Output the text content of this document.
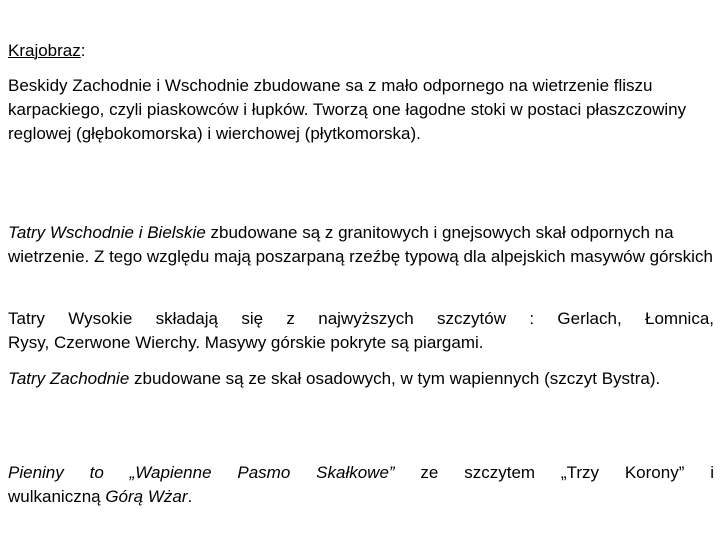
Krajobraz:

Beskidy Zachodnie i Wschodnie zbudowane sa z mało odpornego na wietrzenie fliszu karpackiego, czyli piaskowców i łupków. Tworzą one łagodne stoki w postaci płaszczowiny reglowej (głębokomorska) i wierchowej (płytkomorska).

Tatry Wschodnie i Bielskie zbudowane są z granitowych i gnejsowych skał odpornych na wietrzenie. Z tego względu mają poszarpaną rzeźbę typową dla alpejskich masywów górskich

Tatry Wysokie składają się z najwyższych szczytów : Gerlach, Łomnica,
Rysy, Czerwone Wierchy. Masywy górskie pokryte są piargami.

Tatry Zachodnie zbudowane są ze skał osadowych, w tym wapiennych (szczyt Bystra).

Pieniny to „Wapienne Pasmo Skałkowe” ze szczytem „Trzy Korony” i
wulkaniczną Górą Wżar.
